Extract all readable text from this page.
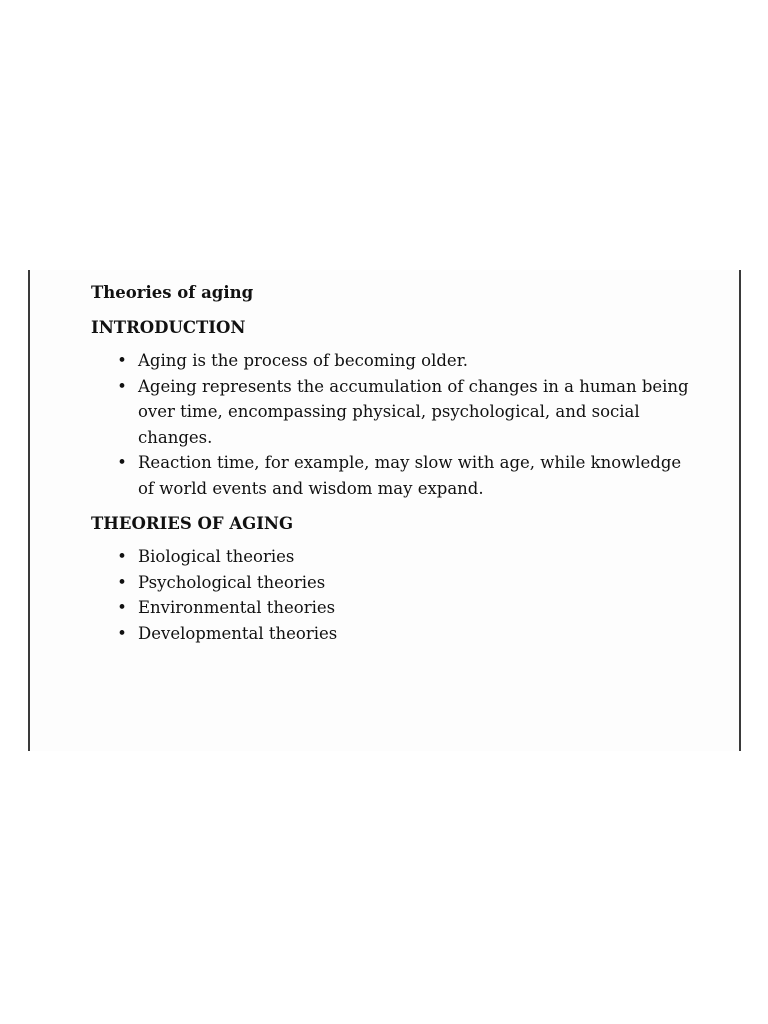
Theories of aging

INTRODUCTION

• Aging is the process of becoming older.
• Ageing represents the accumulation of changes in a human being over time, encompassing physical, psychological, and social changes.
• Reaction time, for example, may slow with age, while knowledge of world events and wisdom may expand.

THEORIES OF AGING

• Biological theories
• Psychological theories
• Environmental theories
• Developmental theories
